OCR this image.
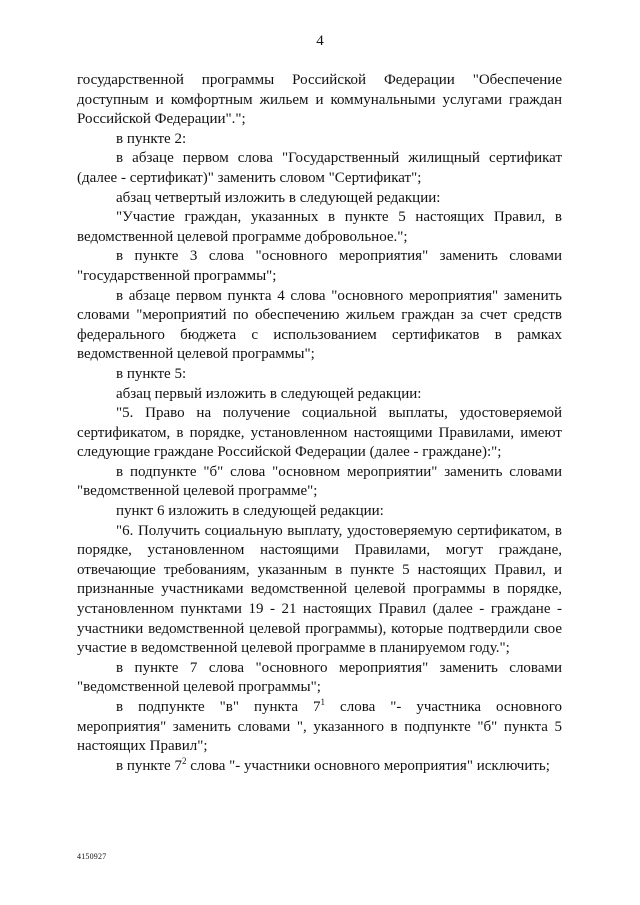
4

государственной программы Российской Федерации "Обеспечение доступным и комфортным жильем и коммунальными услугами граждан Российской Федерации".";

в пункте 2:

в абзаце первом слова "Государственный жилищный сертификат (далее - сертификат)" заменить словом "Сертификат";

абзац четвертый изложить в следующей редакции:

"Участие граждан, указанных в пункте 5 настоящих Правил, в ведомственной целевой программе добровольное.";

в пункте 3 слова "основного мероприятия" заменить словами "государственной программы";

в абзаце первом пункта 4 слова "основного мероприятия" заменить словами "мероприятий по обеспечению жильем граждан за счет средств федерального бюджета с использованием сертификатов в рамках ведомственной целевой программы";

в пункте 5:

абзац первый изложить в следующей редакции:

"5. Право на получение социальной выплаты, удостоверяемой сертификатом, в порядке, установленном настоящими Правилами, имеют следующие граждане Российской Федерации (далее - граждане):";

в подпункте "б" слова "основном мероприятии" заменить словами "ведомственной целевой программе";

пункт 6 изложить в следующей редакции:

"6. Получить социальную выплату, удостоверяемую сертификатом, в порядке, установленном настоящими Правилами, могут граждане, отвечающие требованиям, указанным в пункте 5 настоящих Правил, и признанные участниками ведомственной целевой программы в порядке, установленном пунктами 19 - 21 настоящих Правил (далее - граждане - участники ведомственной целевой программы), которые подтвердили свое участие в ведомственной целевой программе в планируемом году.";

в пункте 7 слова "основного мероприятия" заменить словами "ведомственной целевой программы";

в подпункте "в" пункта $7^1$ слова "- участника основного мероприятия" заменить словами ", указанного в подпункте "б" пункта 5 настоящих Правил";

в пункте $7^2$ слова "- участники основного мероприятия" исключить;

4150927
